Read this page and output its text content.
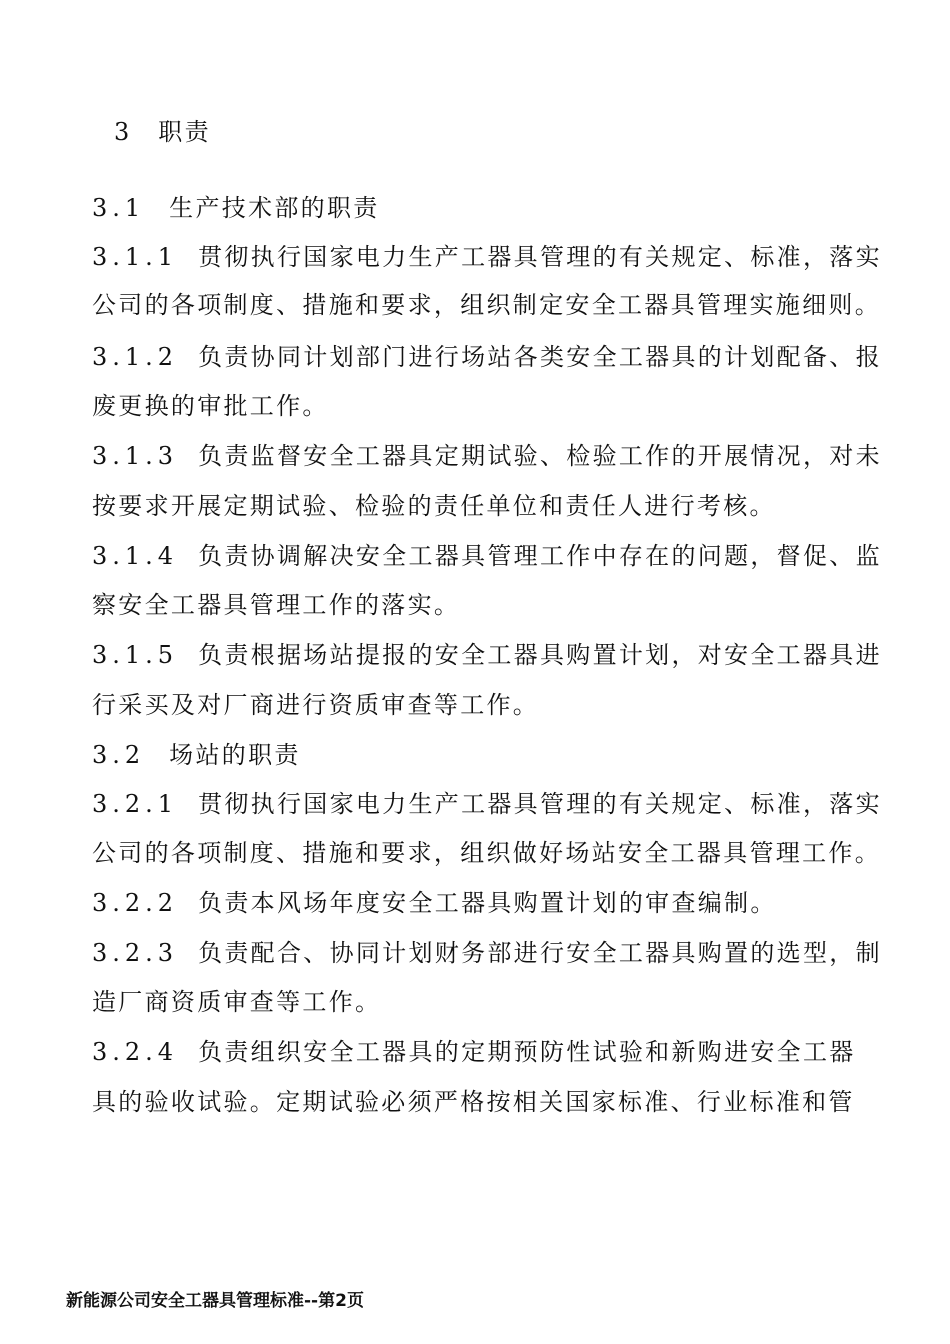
3 职责
3.1 生产技术部的职责
3.1.1 贯彻执行国家电力生产工器具管理的有关规定、标准，落实
公司的各项制度、措施和要求，组织制定安全工器具管理实施细则。
3.1.2 负责协同计划部门进行场站各类安全工器具的计划配备、报
废更换的审批工作。
3.1.3 负责监督安全工器具定期试验、检验工作的开展情况，对未
按要求开展定期试验、检验的责任单位和责任人进行考核。
3.1.4 负责协调解决安全工器具管理工作中存在的问题，督促、监
察安全工器具管理工作的落实。
3.1.5 负责根据场站提报的安全工器具购置计划，对安全工器具进
行采买及对厂商进行资质审查等工作。
3.2 场站的职责
3.2.1 贯彻执行国家电力生产工器具管理的有关规定、标准，落实
公司的各项制度、措施和要求，组织做好场站安全工器具管理工作。
3.2.2 负责本风场年度安全工器具购置计划的审查编制。
3.2.3 负责配合、协同计划财务部进行安全工器具购置的选型，制
造厂商资质审查等工作。
3.2.4 负责组织安全工器具的定期预防性试验和新购进安全工器
具的验收试验。定期试验必须严格按相关国家标准、行业标准和管
新能源公司安全工器具管理标准--第2页
